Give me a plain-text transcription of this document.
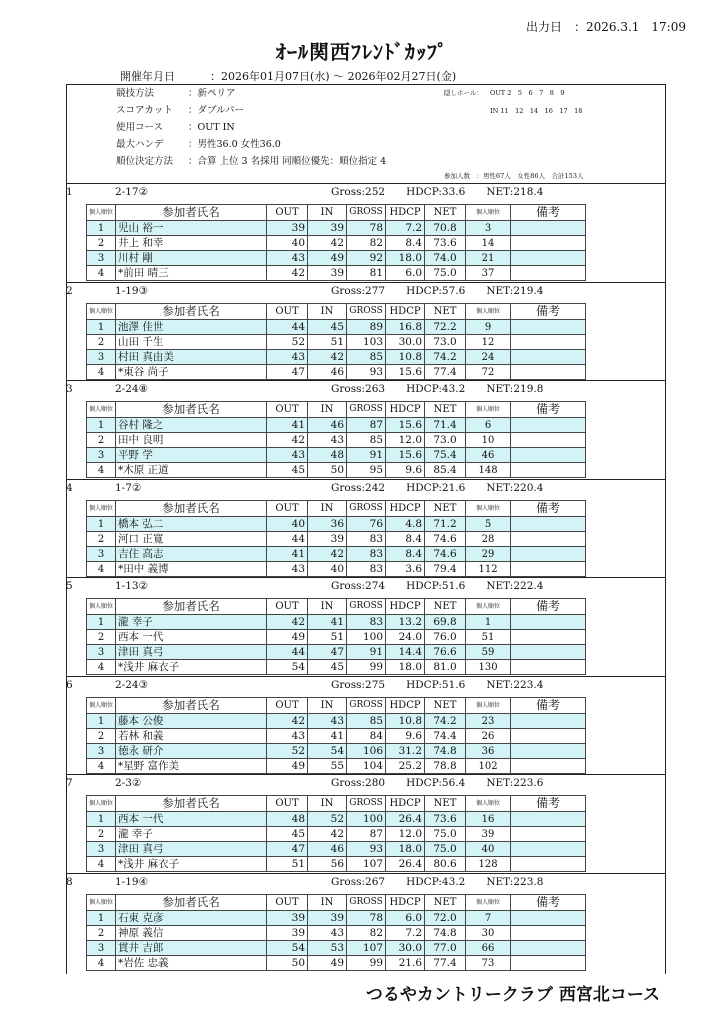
出力日　：2026.3.1　17:09
ｵｰﾙ関西ﾌﾚﾝﾄﾞｶｯﾌﾟ
開催年月日	：2026年01月07日(水) ～ 2026年02月27日(金)
競技方法	：新ペリア
スコアカット ：ダブルパー
使用コース	：OUT IN
最大ハンデ	：男性36.0 女性36.0
順位決定方法 ：合算 上位 3 名採用 同順位優先：順位指定 4
隠しホール： OUT 2　5　6　7　8　9
IN 11　12　14　16　17　18
参加人数　：男性67人　女性86人　合計153人
1	2-17②	Gross:252　　 HDCP:33.6　　 NET:218.4
個人順位	参加者氏名	OUT	IN	GROSS	HDCP	NET	個人順位	備考
1	児山 裕一	39	39	78	7.2	70.8	3	
2	井上 和幸	40	42	82	8.4	73.6	14	
3	川村 剛	43	49	92	18.0	74.0	21	
4	*前田 晴三	42	39	81	6.0	75.0	37	
2	1-19③	Gross:277　　 HDCP:57.6　　 NET:219.4
個人順位	参加者氏名	OUT	IN	GROSS	HDCP	NET	個人順位	備考
1	池澤 佳世	44	45	89	16.8	72.2	9	
2	山田 千生	52	51	103	30.0	73.0	12	
3	村田 真由美	43	42	85	10.8	74.2	24	
4	*東谷 尚子	47	46	93	15.6	77.4	72	
3	2-24⑧	Gross:263　　 HDCP:43.2　　 NET:219.8
個人順位	参加者氏名	OUT	IN	GROSS	HDCP	NET	個人順位	備考
1	谷村 隆之	41	46	87	15.6	71.4	6	
2	田中 良明	42	43	85	12.0	73.0	10	
3	平野 学	43	48	91	15.6	75.4	46	
4	*木原 正道	45	50	95	9.6	85.4	148	
4	1-7②	Gross:242　　 HDCP:21.6　　 NET:220.4
個人順位	参加者氏名	OUT	IN	GROSS	HDCP	NET	個人順位	備考
1	橋本 弘二	40	36	76	4.8	71.2	5	
2	河口 正寛	44	39	83	8.4	74.6	28	
3	吉住 高志	41	42	83	8.4	74.6	29	
4	*田中 義博	43	40	83	3.6	79.4	112	
5	1-13②	Gross:274　　 HDCP:51.6　　 NET:222.4
個人順位	参加者氏名	OUT	IN	GROSS	HDCP	NET	個人順位	備考
1	瀧 幸子	42	41	83	13.2	69.8	1	
2	西本 一代	49	51	100	24.0	76.0	51	
3	津田 真弓	44	47	91	14.4	76.6	59	
4	*浅井 麻衣子	54	45	99	18.0	81.0	130	
6	2-24③	Gross:275　　 HDCP:51.6　　 NET:223.4
個人順位	参加者氏名	OUT	IN	GROSS	HDCP	NET	個人順位	備考
1	藤本 公俊	42	43	85	10.8	74.2	23	
2	若林 和義	43	41	84	9.6	74.4	26	
3	徳永 研介	52	54	106	31.2	74.8	36	
4	*星野 富作美	49	55	104	25.2	78.8	102	
7	2-3②	Gross:280　　 HDCP:56.4　　 NET:223.6
個人順位	参加者氏名	OUT	IN	GROSS	HDCP	NET	個人順位	備考
1	西本 一代	48	52	100	26.4	73.6	16	
2	瀧 幸子	45	42	87	12.0	75.0	39	
3	津田 真弓	47	46	93	18.0	75.0	40	
4	*浅井 麻衣子	51	56	107	26.4	80.6	128	
8	1-19④	Gross:267　　 HDCP:43.2　　 NET:223.8
個人順位	参加者氏名	OUT	IN	GROSS	HDCP	NET	個人順位	備考
1	石東 克彦	39	39	78	6.0	72.0	7	
2	神原 義信	39	43	82	7.2	74.8	30	
3	貫井 吉郎	54	53	107	30.0	77.0	66	
4	*岩佐 忠義	50	49	99	21.6	77.4	73	
つるやカントリークラブ 西宮北コース
